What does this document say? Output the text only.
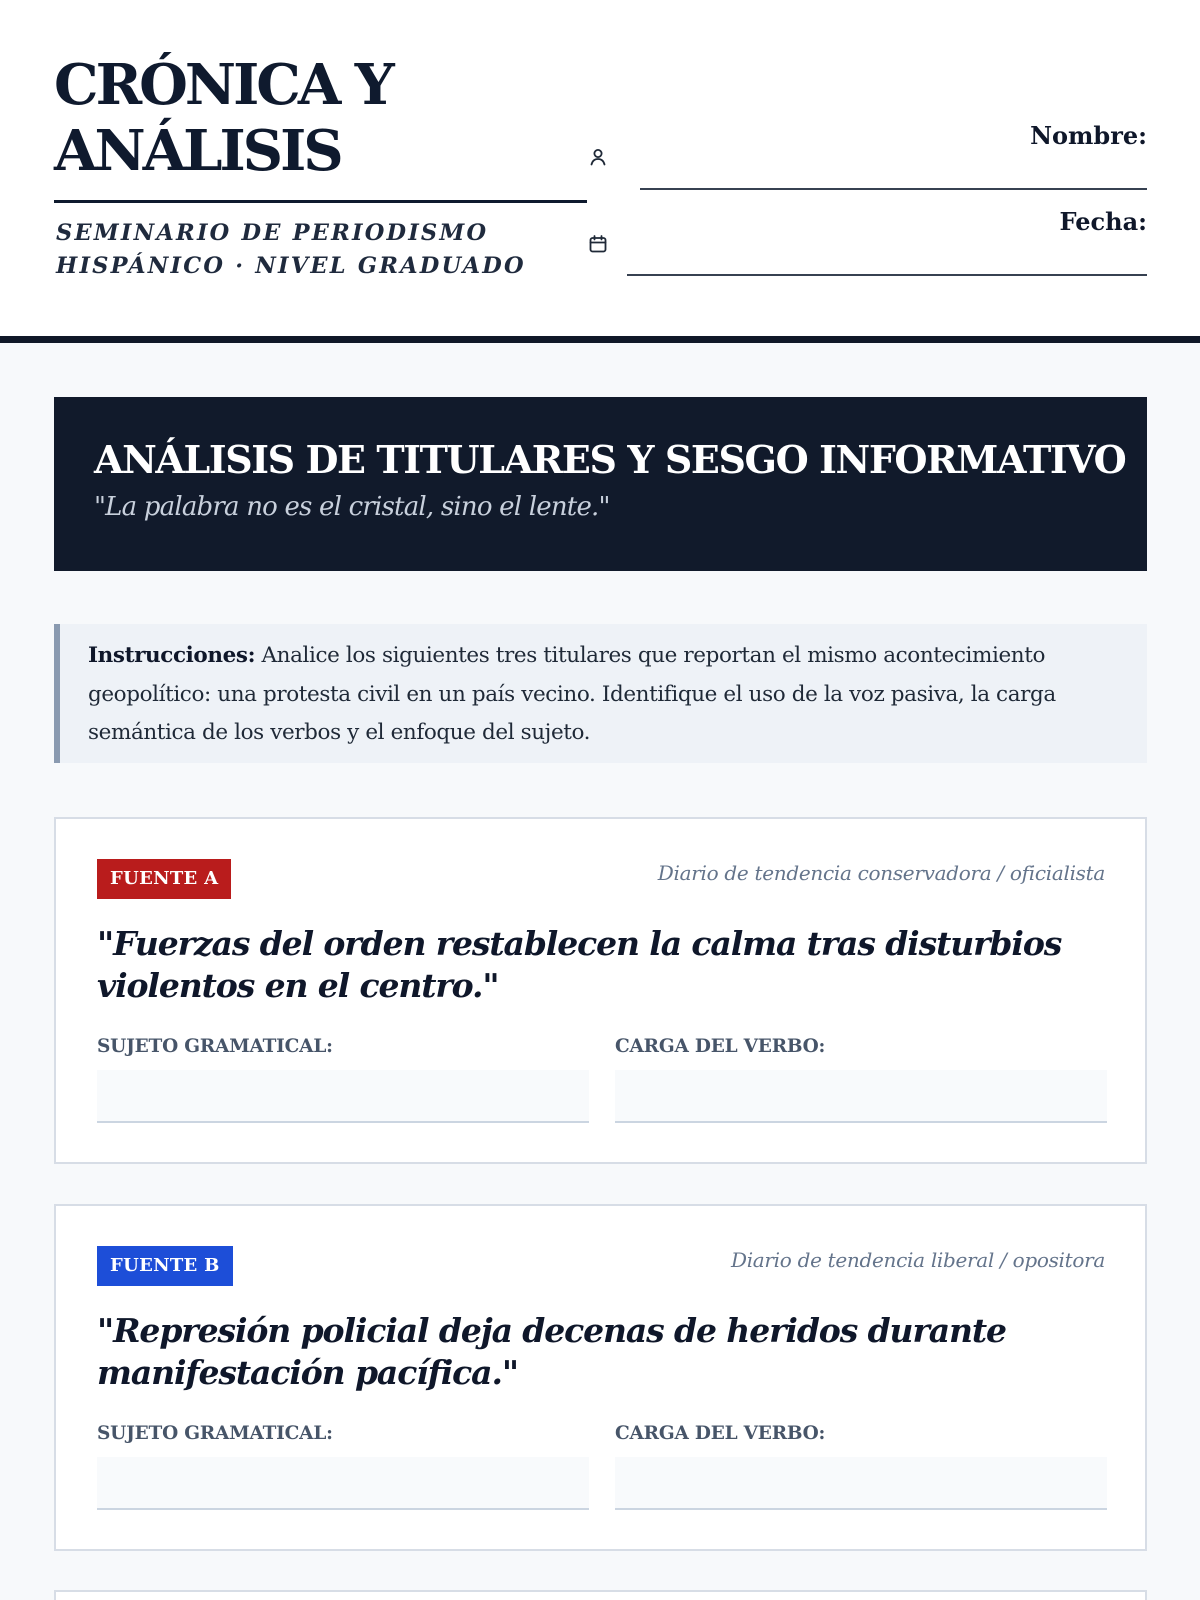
CRÓNICA Y
ANÁLISIS
SEMINARIO DE PERIODISMO
HISPÁNICO · NIVEL GRADUADO
Nombre:
Fecha:
ANÁLISIS DE TITULARES Y SESGO INFORMATIVO
"La palabra no es el cristal, sino el lente."
Instrucciones: Analice los siguientes tres titulares que reportan el mismo acontecimiento geopolítico: una protesta civil en un país vecino. Identifique el uso de la voz pasiva, la carga semántica de los verbos y el enfoque del sujeto.
FUENTE A	Diario de tendencia conservadora / oficialista
"Fuerzas del orden restablecen la calma tras disturbios violentos en el centro."
SUJETO GRAMATICAL:	CARGA DEL VERBO:
FUENTE B	Diario de tendencia liberal / opositora
"Represión policial deja decenas de heridos durante manifestación pacífica."
SUJETO GRAMATICAL:	CARGA DEL VERBO:
